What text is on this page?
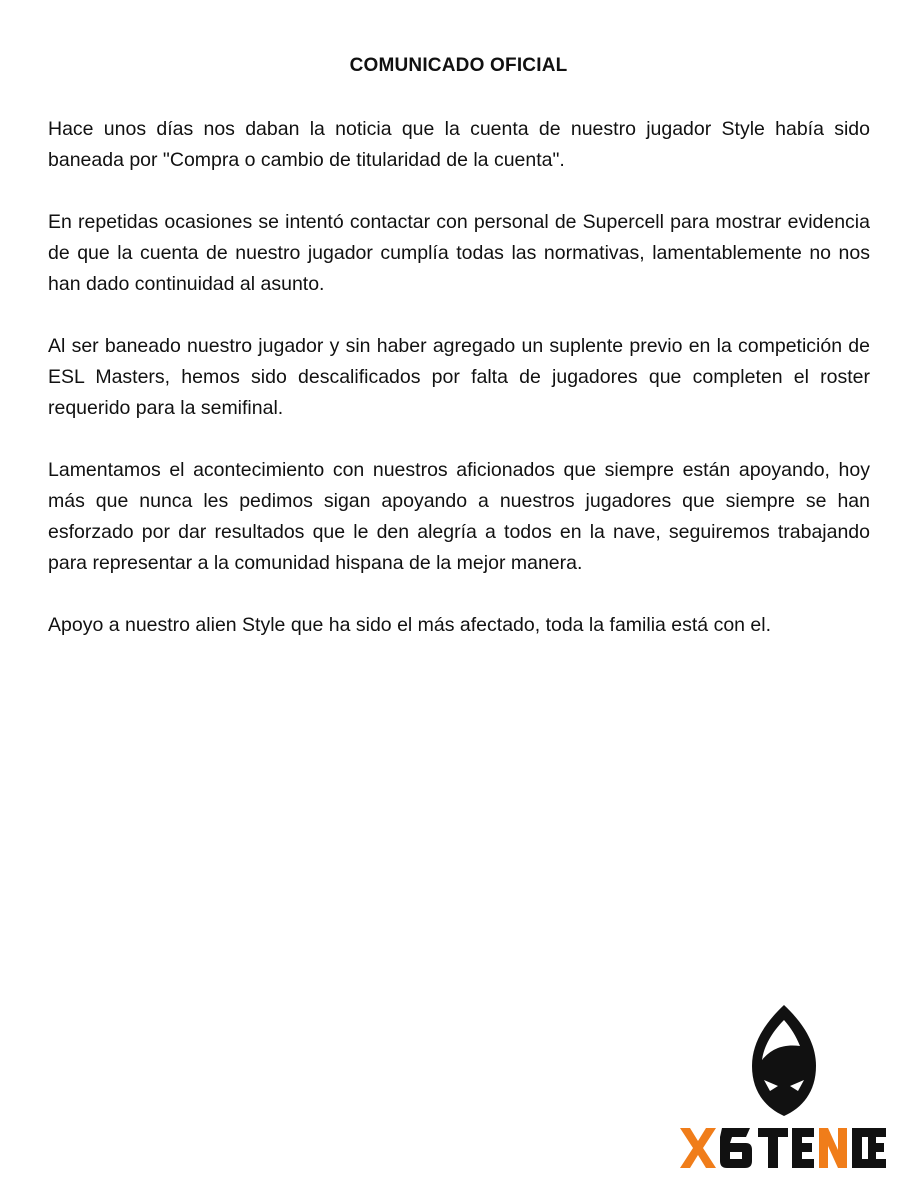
COMUNICADO OFICIAL

Hace unos días nos daban la noticia que la cuenta de nuestro jugador Style había sido baneada por "Compra o cambio de titularidad de la cuenta".

En repetidas ocasiones se intentó contactar con personal de Supercell para mostrar evidencia de que la cuenta de nuestro jugador cumplía todas las normativas, lamentablemente no nos han dado continuidad al asunto.

Al ser baneado nuestro jugador y sin haber agregado un suplente previo en la competición de ESL Masters, hemos sido descalificados por falta de jugadores que completen el roster requerido para la semifinal.

Lamentamos el acontecimiento con nuestros aficionados que siempre están apoyando, hoy más que nunca les pedimos sigan apoyando a nuestros jugadores que siempre se han esforzado por dar resultados que le den alegría a todos en la nave, seguiremos trabajando para representar a la comunidad hispana de la mejor manera.

Apoyo a nuestro alien Style que ha sido el más afectado, toda la familia está con el.
